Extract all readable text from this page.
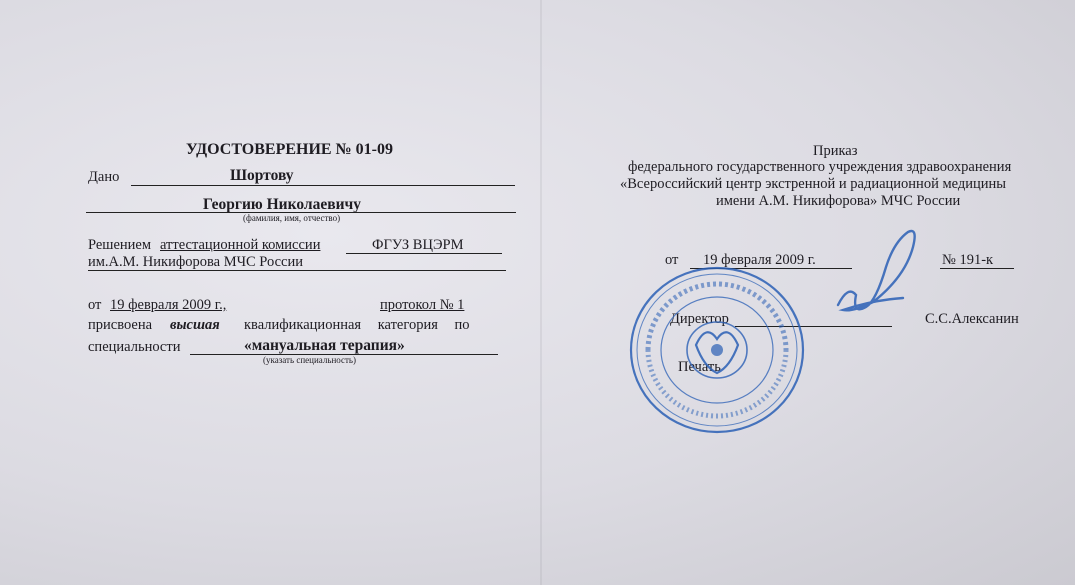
УДОСТОВЕРЕНИЕ № 01-09
Дано	Шортову
Георгию Николаевичу
(фамилия, имя, отчество)
Решением аттестационной комиссии	ФГУЗ ВЦЭРМ
им.А.М. Никифорова МЧС России
от 19 февраля 2009 г.,	протокол № 1
присвоена высшая квалификационная категория по
специальности	«мануальная терапия»
(указать специальность)
Приказ
федерального государственного учреждения здравоохранения
«Всероссийский центр экстренной и радиационной медицины
имени А.М. Никифорова» МЧС России
от 19 февраля 2009 г.	№ 191-к
Директор	С.С.Алексанин
Печать
